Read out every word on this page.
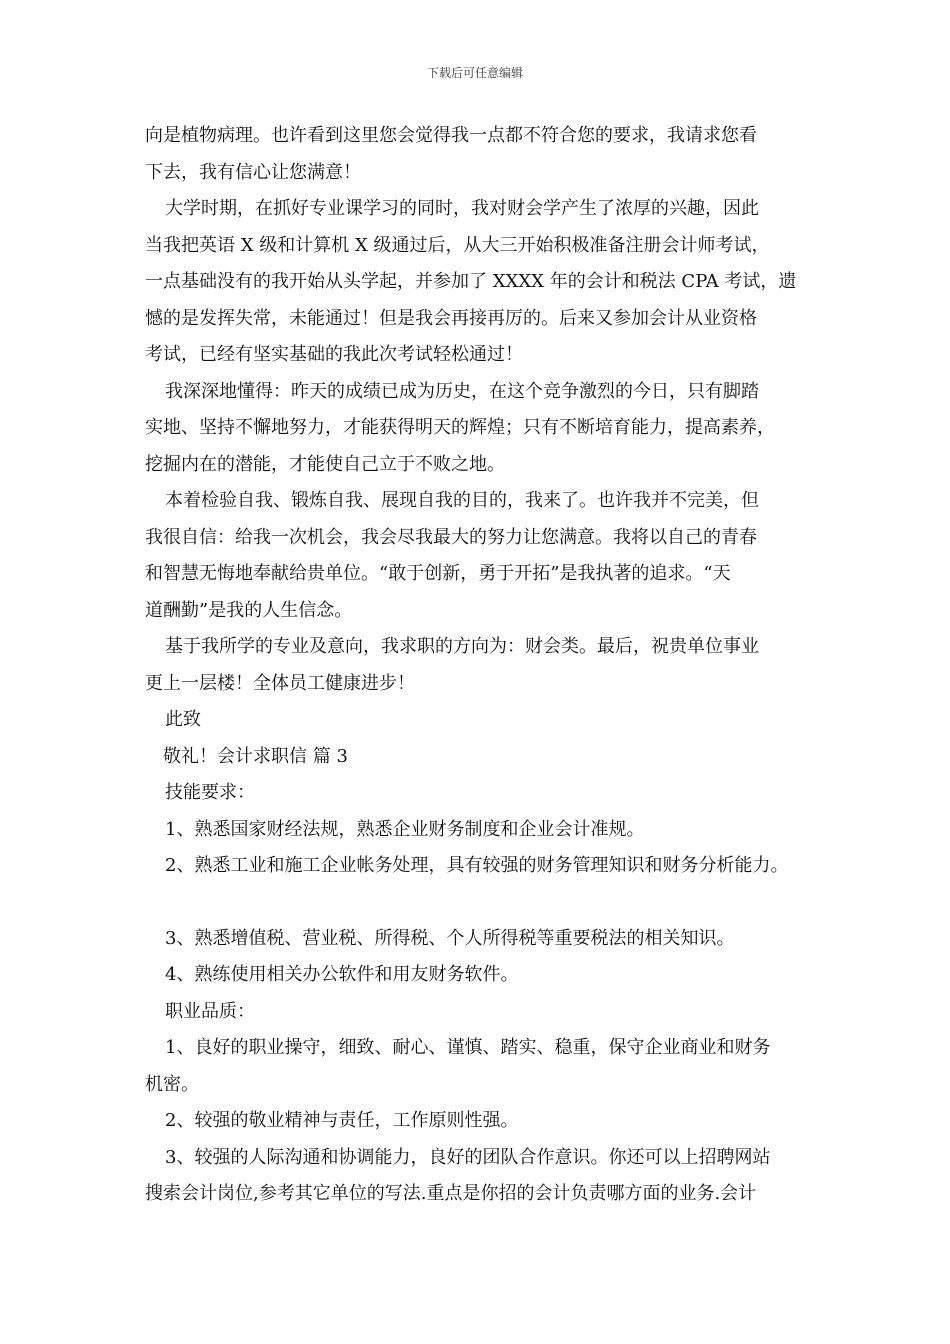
下载后可任意编辑
向是植物病理。也许看到这里您会觉得我一点都不符合您的要求，我请求您看
下去，我有信心让您满意！
大学时期，在抓好专业课学习的同时，我对财会学产生了浓厚的兴趣，因此
当我把英语 X 级和计算机 X 级通过后，从大三开始积极准备注册会计师考试，
一点基础没有的我开始从头学起，并参加了 XXXX 年的会计和税法 CPA 考试，遗
憾的是发挥失常，未能通过！但是我会再接再厉的。后来又参加会计从业资格
考试，已经有坚实基础的我此次考试轻松通过！
我深深地懂得：昨天的成绩已成为历史，在这个竞争激烈的今日，只有脚踏
实地、坚持不懈地努力，才能获得明天的辉煌；只有不断培育能力，提高素养，
挖掘内在的潜能，才能使自己立于不败之地。
本着检验自我、锻炼自我、展现自我的目的，我来了。也许我并不完美，但
我很自信：给我一次机会，我会尽我最大的努力让您满意。我将以自己的青春
和智慧无悔地奉献给贵单位。“敢于创新，勇于开拓”是我执著的追求。“天
道酬勤”是我的人生信念。
基于我所学的专业及意向，我求职的方向为：财会类。最后，祝贵单位事业
更上一层楼！全体员工健康进步！
此致
敬礼！会计求职信 篇 3
技能要求：
1、熟悉国家财经法规，熟悉企业财务制度和企业会计准规。
2、熟悉工业和施工企业帐务处理，具有较强的财务管理知识和财务分析能力。
3、熟悉增值税、营业税、所得税、个人所得税等重要税法的相关知识。
4、熟练使用相关办公软件和用友财务软件。
职业品质：
1、良好的职业操守，细致、耐心、谨慎、踏实、稳重，保守企业商业和财务
机密。
2、较强的敬业精神与责任，工作原则性强。
3、较强的人际沟通和协调能力，良好的团队合作意识。你还可以上招聘网站
搜索会计岗位,参考其它单位的写法.重点是你招的会计负责哪方面的业务.会计
